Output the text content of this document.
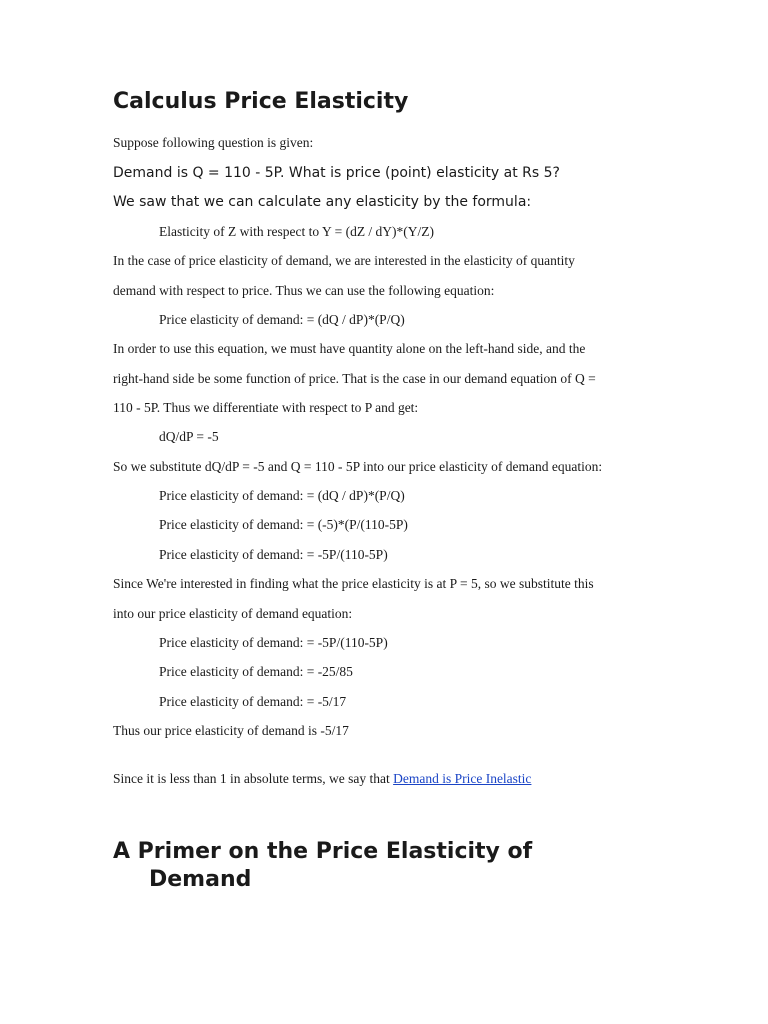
Calculus Price Elasticity

Suppose following question is given:

Demand is Q = 110 - 5P. What is price (point) elasticity at Rs 5?

We saw that we can calculate any elasticity by the formula:

Elasticity of Z with respect to Y = (dZ / dY)*(Y/Z)

In the case of price elasticity of demand, we are interested in the elasticity of quantity

demand with respect to price. Thus we can use the following equation:

Price elasticity of demand: = (dQ / dP)*(P/Q)

In order to use this equation, we must have quantity alone on the left-hand side, and the

right-hand side be some function of price. That is the case in our demand equation of Q =

110 - 5P. Thus we differentiate with respect to P and get:

dQ/dP = -5

So we substitute dQ/dP = -5 and Q = 110 - 5P into our price elasticity of demand equation:

Price elasticity of demand: = (dQ / dP)*(P/Q)

Price elasticity of demand: = (-5)*(P/(110-5P)

Price elasticity of demand: = -5P/(110-5P)

Since We're interested in finding what the price elasticity is at P = 5, so we substitute this

into our price elasticity of demand equation:

Price elasticity of demand: = -5P/(110-5P)

Price elasticity of demand: = -25/85

Price elasticity of demand: = -5/17

Thus our price elasticity of demand is -5/17

Since it is less than 1 in absolute terms, we say that Demand is Price Inelastic

A Primer on the Price Elasticity of
Demand
